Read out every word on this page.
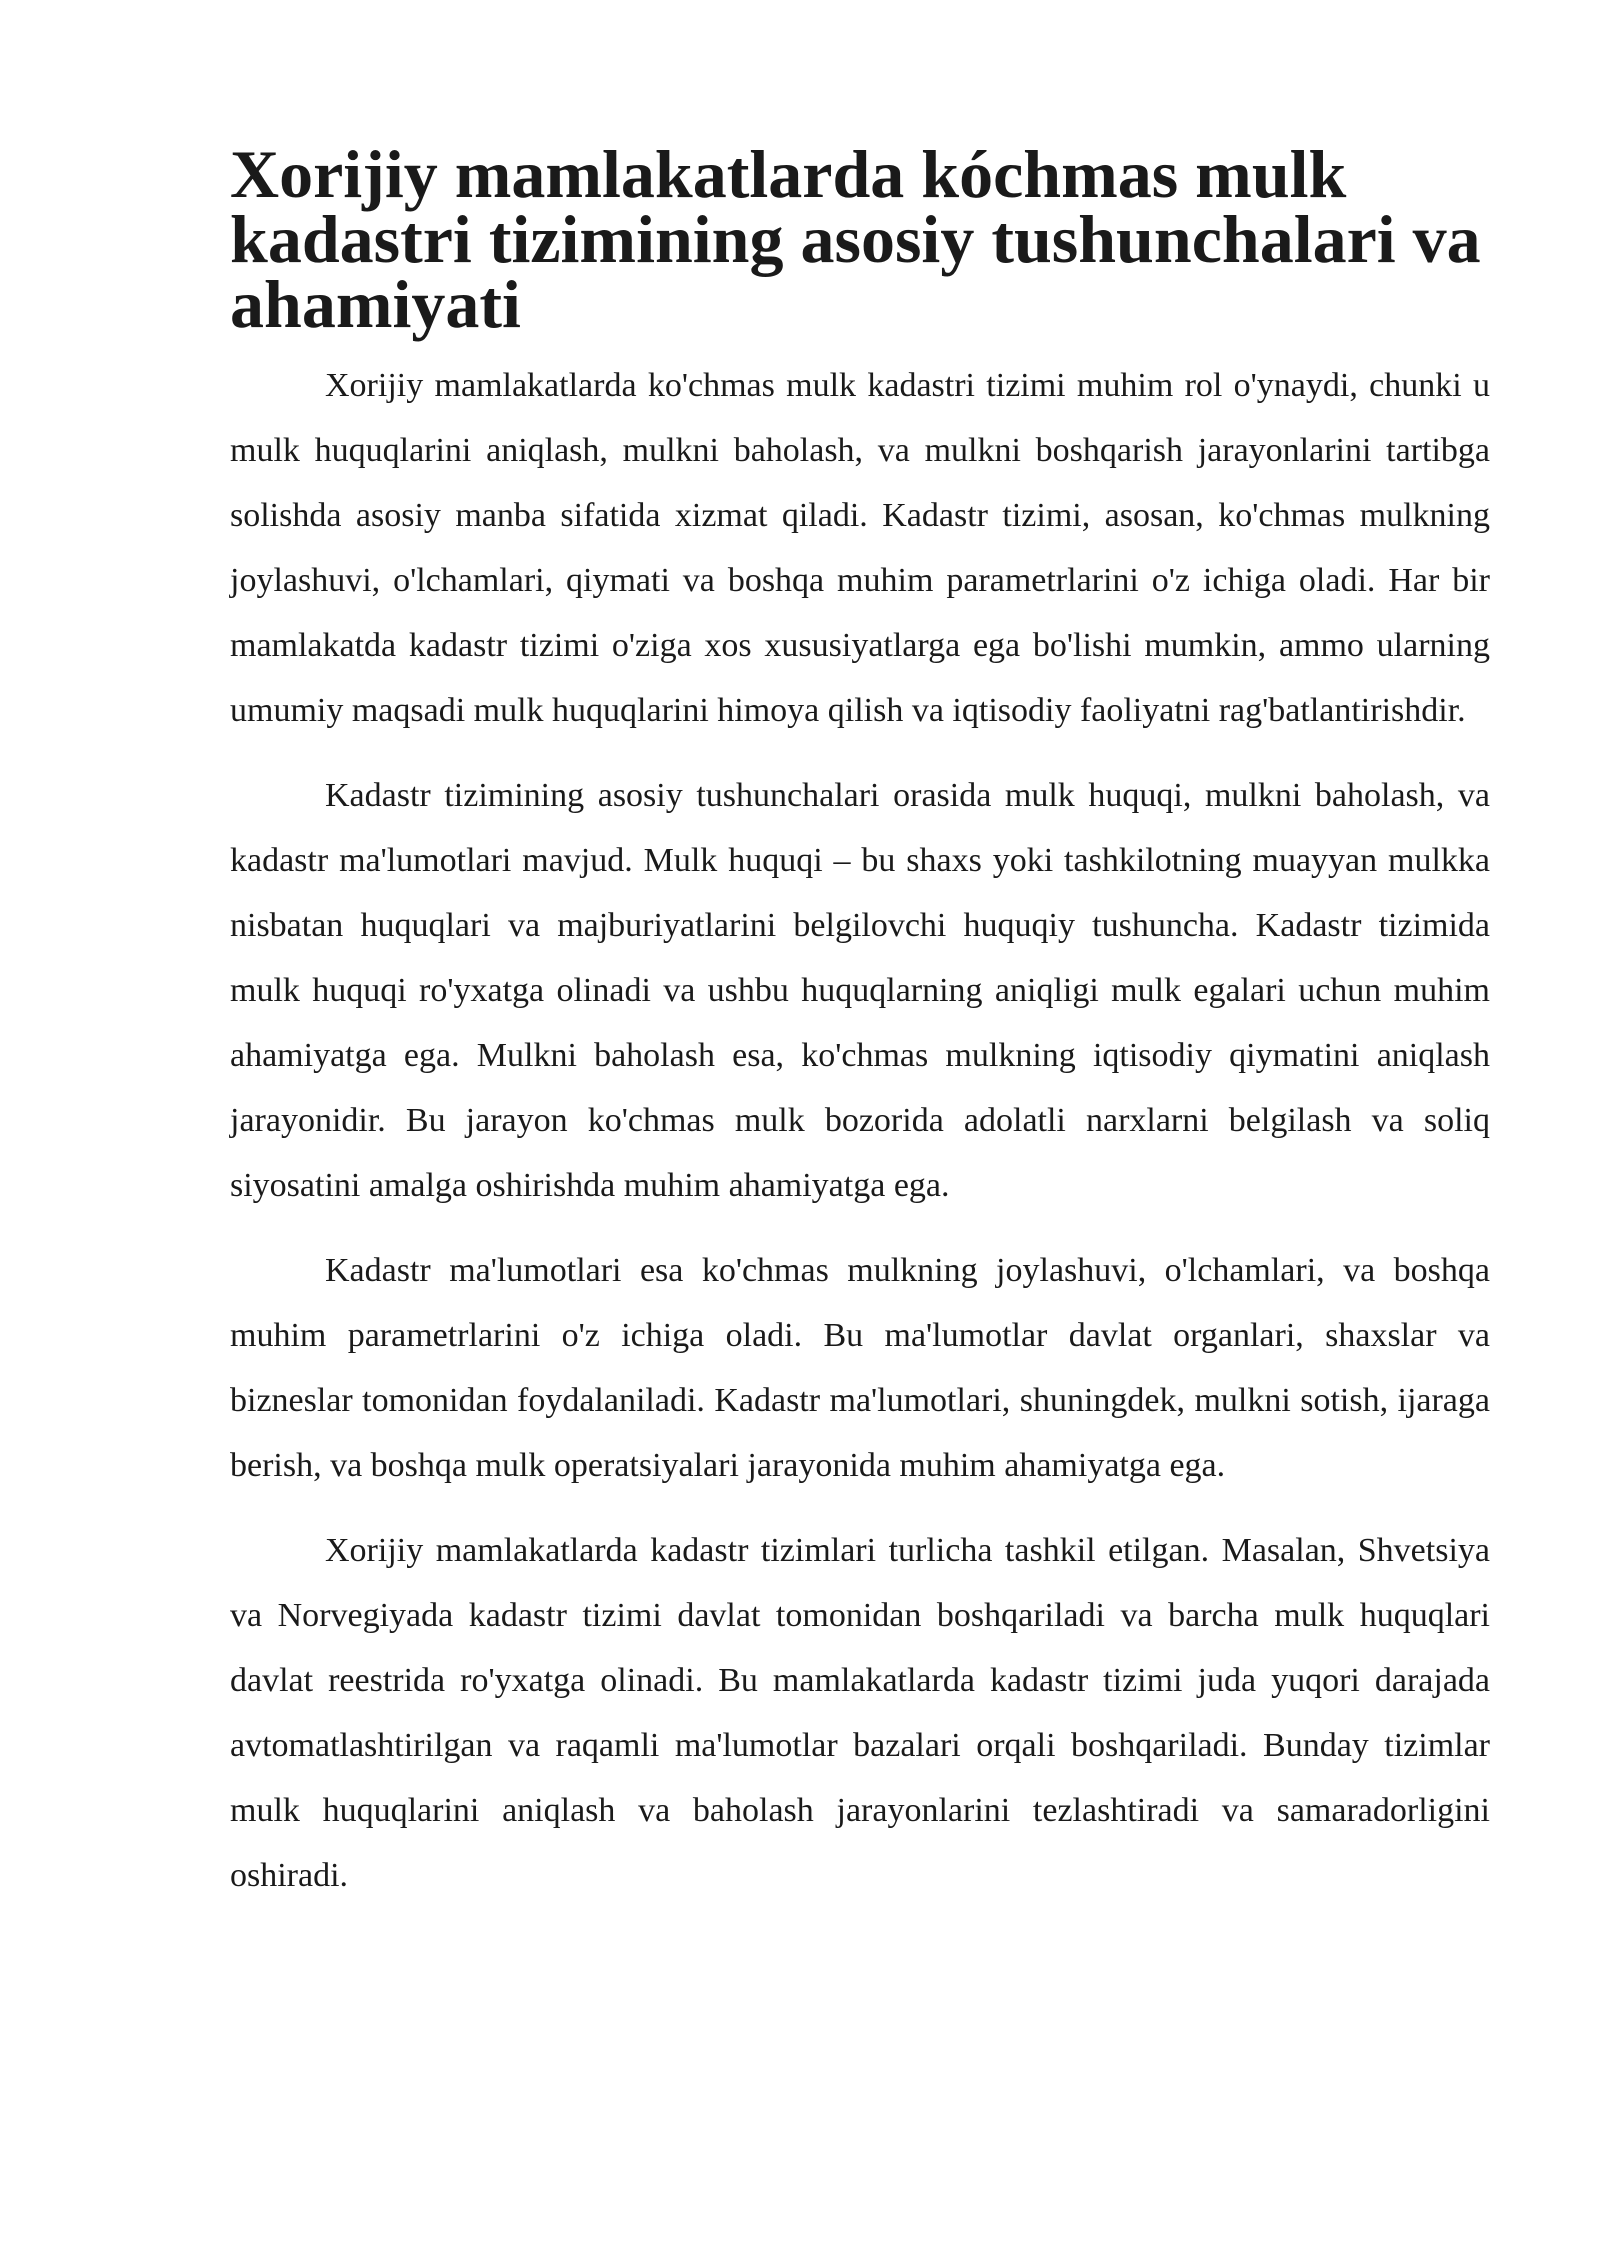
Xorijiy mamlakatlarda kóchmas mulk kadastri tizimining asosiy tushunchalari va ahamiyati

Xorijiy mamlakatlarda ko'chmas mulk kadastri tizimi muhim rol o'ynaydi, chunki u mulk huquqlarini aniqlash, mulkni baholash, va mulkni boshqarish jarayonlarini tartibga solishda asosiy manba sifatida xizmat qiladi. Kadastr tizimi, asosan, ko'chmas mulkning joylashuvi, o'lchamlari, qiymati va boshqa muhim parametrlarini o'z ichiga oladi. Har bir mamlakatda kadastr tizimi o'ziga xos xususiyatlarga ega bo'lishi mumkin, ammo ularning umumiy maqsadi mulk huquqlarini himoya qilish va iqtisodiy faoliyatni rag'batlantirishdir.

Kadastr tizimining asosiy tushunchalari orasida mulk huquqi, mulkni baholash, va kadastr ma'lumotlari mavjud. Mulk huquqi – bu shaxs yoki tashkilotning muayyan mulkka nisbatan huquqlari va majburiyatlarini belgilovchi huquqiy tushuncha. Kadastr tizimida mulk huquqi ro'yxatga olinadi va ushbu huquqlarning aniqligi mulk egalari uchun muhim ahamiyatga ega. Mulkni baholash esa, ko'chmas mulkning iqtisodiy qiymatini aniqlash jarayonidir. Bu jarayon ko'chmas mulk bozorida adolatli narxlarni belgilash va soliq siyosatini amalga oshirishda muhim ahamiyatga ega.

Kadastr ma'lumotlari esa ko'chmas mulkning joylashuvi, o'lchamlari, va boshqa muhim parametrlarini o'z ichiga oladi. Bu ma'lumotlar davlat organlari, shaxslar va bizneslar tomonidan foydalaniladi. Kadastr ma'lumotlari, shuningdek, mulkni sotish, ijaraga berish, va boshqa mulk operatsiyalari jarayonida muhim ahamiyatga ega.

Xorijiy mamlakatlarda kadastr tizimlari turlicha tashkil etilgan. Masalan, Shvetsiya va Norvegiyada kadastr tizimi davlat tomonidan boshqariladi va barcha mulk huquqlari davlat reestrida ro'yxatga olinadi. Bu mamlakatlarda kadastr tizimi juda yuqori darajada avtomatlashtirilgan va raqamli ma'lumotlar bazalari orqali boshqariladi. Bunday tizimlar mulk huquqlarini aniqlash va baholash jarayonlarini tezlashtiradi va samaradorligini oshiradi.
